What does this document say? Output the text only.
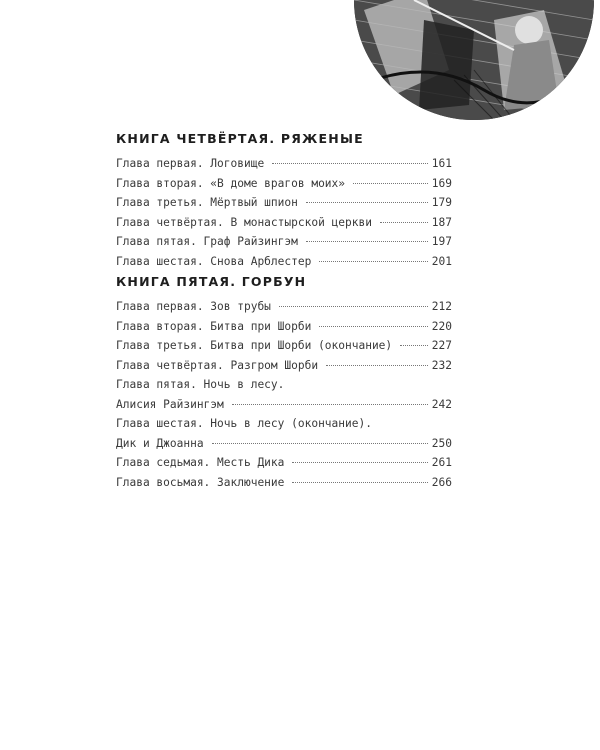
КНИГА ЧЕТВЁРТАЯ. РЯЖЕНЫЕ
Глава первая. Логовище	161
Глава вторая. «В доме врагов моих»	169
Глава третья. Мёртвый шпион	179
Глава четвёртая. В монастырской церкви	187
Глава пятая. Граф Райзингэм	197
Глава шестая. Снова Арблестер	201
КНИГА ПЯТАЯ. ГОРБУН
Глава первая. Зов трубы	212
Глава вторая. Битва при Шорби	220
Глава третья. Битва при Шорби (окончание)	227
Глава четвёртая. Разгром Шорби	232
Глава пятая. Ночь в лесу.
Алисия Райзингэм	242
Глава шестая. Ночь в лесу (окончание).
Дик и Джоанна	250
Глава седьмая. Месть Дика	261
Глава восьмая. Заключение	266
